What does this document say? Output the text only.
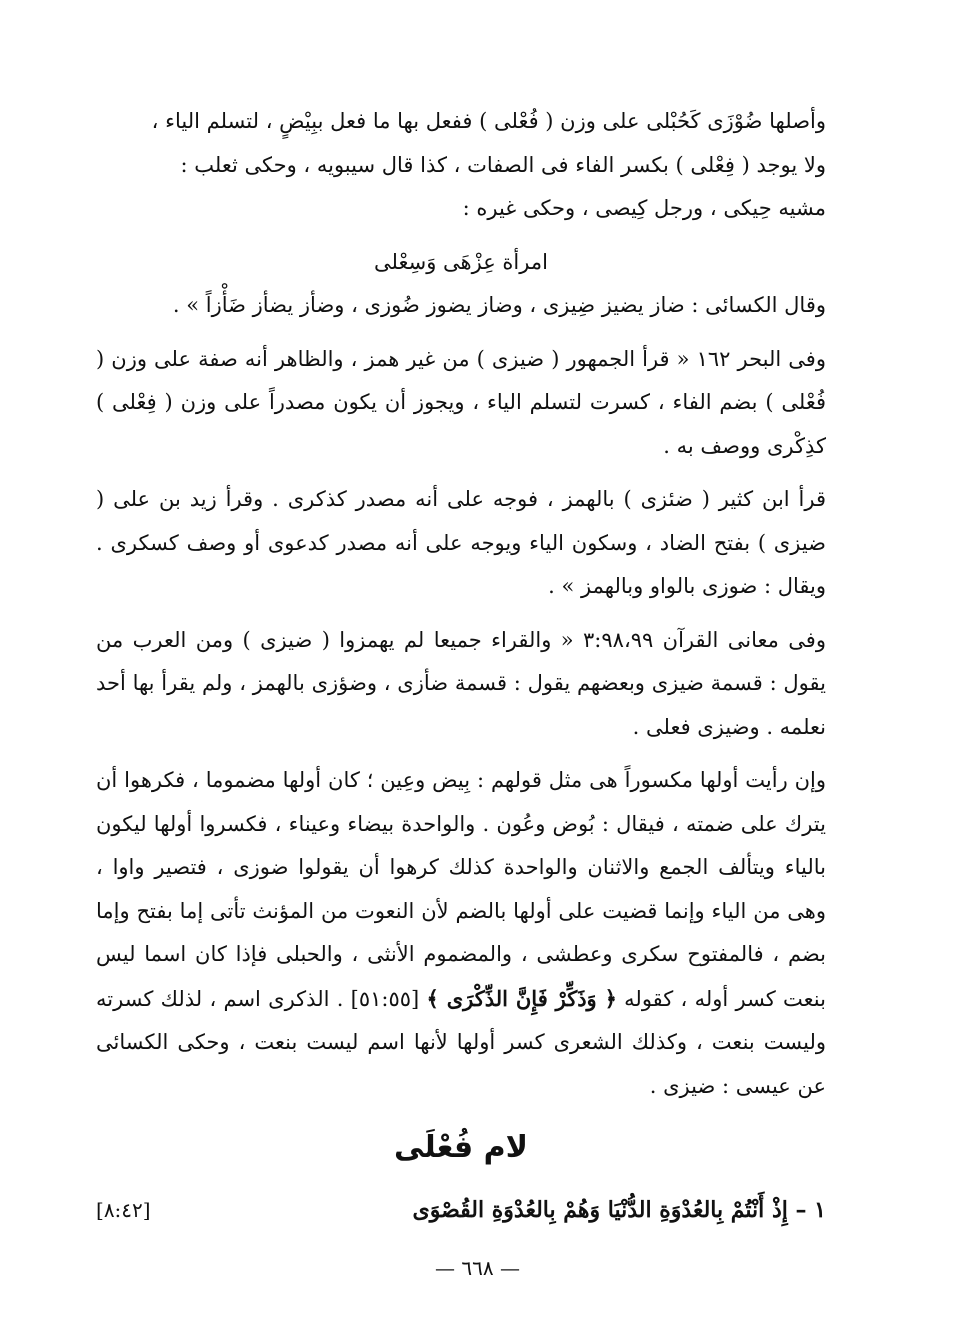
وأصلها ضُوْزَى كَحُبْلى على وزن ( فُعْلى ) ففعل بها ما فعل ببِيْضٍ ، لتسلم الياء ،
ولا يوجد ( فِعْلى ) بكسر الفاء فى الصفات ، كذا قال سيبويه ، وحكى ثعلب :
مشيه حِيكى ، ورجل كِيصى ، وحكى غيره :

امرأة عِزْهَى وَسِعْلى

وقال الكسائى : ضاز يضيز ضِيزى ، وضاز يضوز ضُوزى ، وضأز يضأز ضَأْزاً » .

وفى البحر ١٦٢ « قرأ الجمهور ( ضيزى ) من غير همز ، والظاهر أنه صفة على وزن ( فُعْلى ) بضم الفاء ، كسرت لتسلم الياء ، ويجوز أن يكون مصدراً على وزن ( فِعْلى ) كذِكْرى ووصف به .

قرأ ابن كثير ( ضئزى ) بالهمز ، فوجه على أنه مصدر كذكرى . وقرأ زيد بن على ( ضيزى ) بفتح الضاد ، وسكون الياء ويوجه على أنه مصدر كدعوى أو وصف كسكرى . ويقال : ضوزى بالواو وبالهمز » .

وفى معانى القرآن ٣:٩٨،٩٩ « والقراء جميعا لم يهمزوا ( ضيزى ) ومن العرب من يقول : قسمة ضيزى وبعضهم يقول : قسمة ضأزى ، وضؤزى بالهمز ، ولم يقرأ بها أحد نعلمه . وضيزى فعلى .

وإن رأيت أولها مكسوراً هى مثل قولهم : بِيض وعِين ؛ كان أولها مضموما ، فكرهوا أن يترك على ضمته ، فيقال : بُوض وعُون . والواحدة بيضاء وعيناء ، فكسروا أولها ليكون بالياء ويتألف الجمع والاثنان والواحدة كذلك كرهوا أن يقولوا ضوزى ، فتصير واوا ، وهى من الياء وإنما قضيت على أولها بالضم لأن النعوت من المؤنث تأتى إما بفتح وإما بضم ، فالمفتوح سكرى وعطشى ، والمضموم الأنثى ، والحبلى فإذا كان اسما ليس بنعت كسر أوله ، كقوله ﴿ وَذَكِّرْ فَإِنَّ الذِّكْرَى ﴾ [٥١:٥٥] . الذكرى اسم ، لذلك كسرته وليست بنعت ، وكذلك الشعرى كسر أولها لأنها اسم ليست بنعت ، وحكى الكسائى عن عيسى : ضيزى .

لام فُعْلَى
١ – إِذْ أَنْتُمْ بِالعُدْوَةِ الدُّنْيَا وَهُمْ بِالعُدْوَةِ القُصْوَى
[٨:٤٢]
— ٦٦٨ —
